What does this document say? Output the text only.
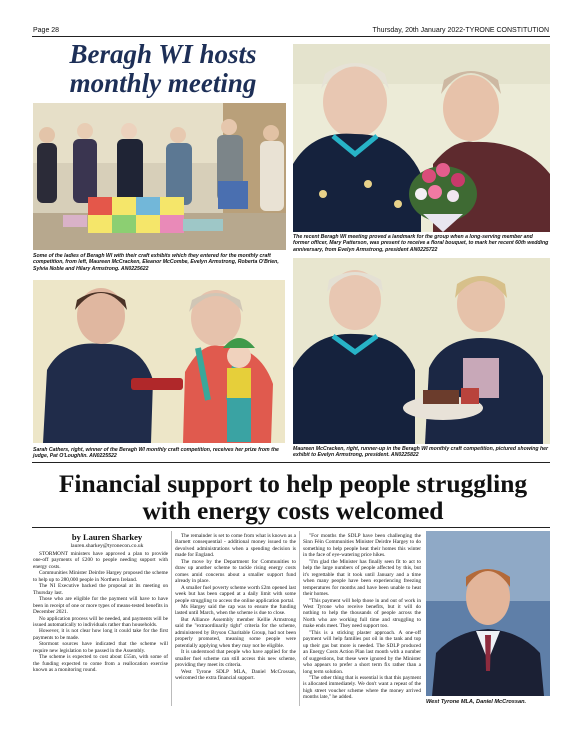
Page 28	Thursday, 20th January 2022-TYRONE CONSTITUTION
Beragh WI hosts monthly meeting
Some of the ladies of Beragh WI with their craft exhibits which they entered for the monthly craft competition, from left, Maureen McCracken, Eleanor McCombe, Evelyn Armstrong, Roberta O'Brien, Sylvia Noble and Hilary Armstrong. AN0225622
The recent Beragh WI meeting proved a landmark for the group when a long-serving member and former officer, Mary Patterson, was present to receive a floral bouquet, to mark her recent 60th wedding anniversary, from Evelyn Armstrong, president AN0225722
Sarah Cathers, right, winner of the Beragh WI monthly craft competition, receives her prize from the judge, Pat O'Loughlin. AN0225522
Maureen McCracken, right, runner-up in the Beragh WI monthly craft competition, pictured showing her exhibit to Evelyn Armstrong, president. AN0225822
Financial support to help people struggling with energy costs welcomed
by Lauren Sharkey
lauren.sharkey@tyronecon.co.uk

STORMONT ministers have approved a plan to provide one-off payments of £200 to people needing support with energy costs.

Communities Minister Deirdre Hargey proposed the scheme to help up to 280,000 people in Northern Ireland.

The NI Executive backed the proposal at its meeting on Thursday last.

Those who are eligible for the payment will have to have been in receipt of one or more types of means-tested benefits in December 2021.

No application process will be needed, and payments will be issued automatically to individuals rather than households.

However, it is not clear how long it could take for the first payments to be made.

Stormont sources have indicated that the scheme will require new legislation to be passed in the Assembly.

The scheme is expected to cost about £55m, with some of the funding expected to come from a reallocation exercise known as a monitoring round.

The remainder is set to come from what is known as a Barnett consequential - additional money issued to the devolved administrations when a spending decision is made for England.

The move by the Department for Communities to draw up another scheme to tackle rising energy costs comes amid concerns about a smaller support fund already in place.

A smaller fuel poverty scheme worth £2m opened last week but has been capped at a daily limit with some people struggling to access the online application portal.

Ms Hargey said the cap was to ensure the funding lasted until March, when the scheme is due to close.

But Alliance Assembly member Kellie Armstrong said the "extraordinarily tight" criteria for the scheme, administered by Bryson Charitable Group, had not been properly promoted, meaning some people were potentially applying when they may not be eligible.

It is understood that people who have applied for the smaller fuel scheme can still access this new scheme, providing they meet its criteria.

West Tyrone SDLP MLA, Daniel McCrossan, welcomed the extra financial support.

"For months the SDLP have been challenging the Sinn Féin Communities Minister Deirdre Hargey to do something to help people heat their homes this winter in the face of eye-watering price hikes.

"I'm glad the Minister has finally seen fit to act to help the large numbers of people affected by this, but it's regrettable that it took until January and a time when many people have been experiencing freezing temperatures for months and have been unable to heat their homes.

"This payment will help those in and out of work in West Tyrone who receive benefits, but it will do nothing to help the thousands of people across the North who are working full time and struggling to make ends meet. They need support too.

"This is a sticking plaster approach. A one-off payment will help families put oil in the tank and top up their gas but more is needed. The SDLP produced an Energy Costs Action Plan last month with a number of suggestions, but these were ignored by the Minister who appears to prefer a short term fix rather than a long term solution.

"The other thing that is essential is that this payment is allocated immediately. We don't want a repeat of the high street voucher scheme where the money arrived months late," he added.

West Tyrone MLA, Daniel McCrossan.
